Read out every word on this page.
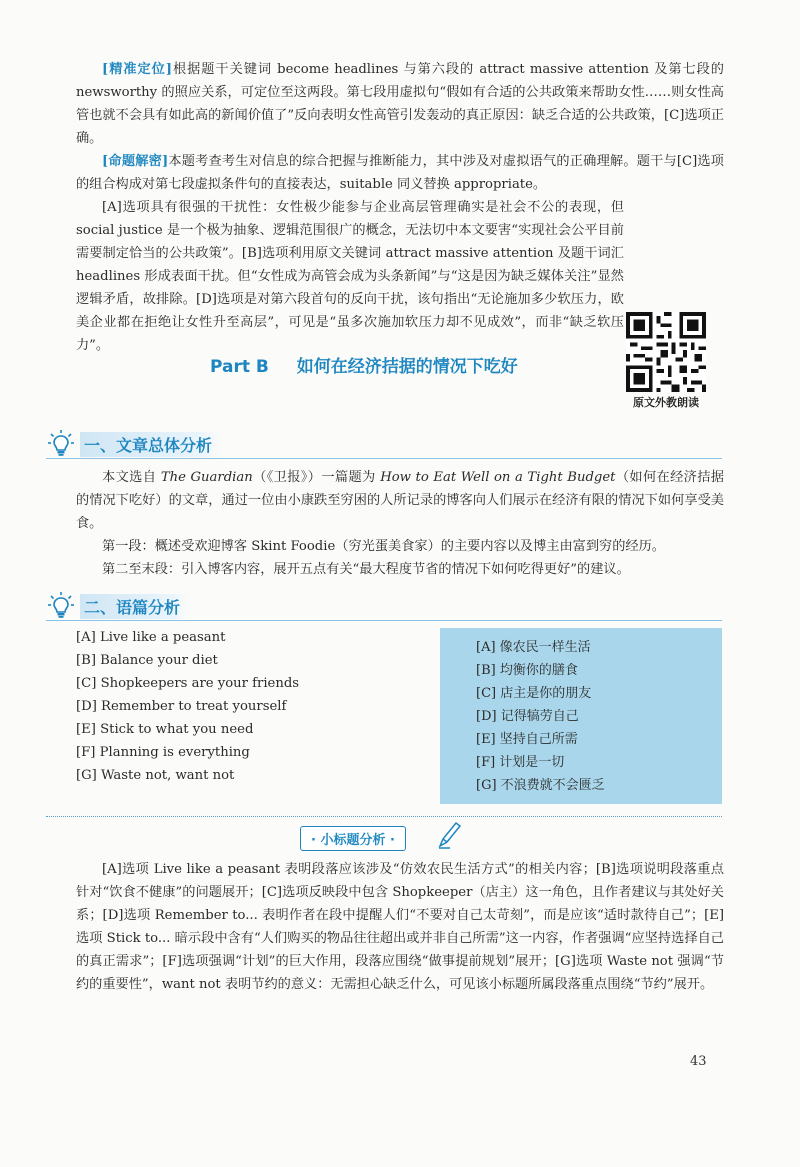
[精准定位]根据题干关键词 become headlines 与第六段的 attract massive attention 及第七段的 newsworthy 的照应关系，可定位至这两段。第七段用虚拟句“假如有合适的公共政策来帮助女性……则女性高管也就不会具有如此高的新闻价值了”反向表明女性高管引发轰动的真正原因：缺乏合适的公共政策，[C]选项正确。

[命题解密]本题考查考生对信息的综合把握与推断能力，其中涉及对虚拟语气的正确理解。题干与[C]选项的组合构成对第七段虚拟条件句的直接表达，suitable 同义替换 appropriate。

[A]选项具有很强的干扰性：女性极少能参与企业高层管理确实是社会不公的表现，但 social justice 是一个极为抽象、逻辑范围很广的概念，无法切中本文要害“实现社会公平目前需要制定恰当的公共政策”。[B]选项利用原文关键词 attract massive attention 及题干词汇 headlines 形成表面干扰。但“女性成为高管会成为头条新闻”与“这是因为缺乏媒体关注”显然逻辑矛盾，故排除。[D]选项是对第六段首句的反向干扰，该句指出“无论施加多少软压力，欧美企业都在拒绝让女性升至高层”，可见是“虽多次施加软压力却不见成效”，而非“缺乏软压力”。

原文外教朗读
Part B 如何在经济拮据的情况下吃好
一、文章总体分析

本文选自 The Guardian（《卫报》）一篇题为 How to Eat Well on a Tight Budget（如何在经济拮据的情况下吃好）的文章，通过一位由小康跌至穷困的人所记录的博客向人们展示在经济有限的情况下如何享受美食。

第一段：概述受欢迎博客 Skint Foodie（穷光蛋美食家）的主要内容以及博主由富到穷的经历。

第二至末段：引入博客内容，展开五点有关“最大程度节省的情况下如何吃得更好”的建议。

二、语篇分析
[A] Live like a peasant
[B] Balance your diet
[C] Shopkeepers are your friends
[D] Remember to treat yourself
[E] Stick to what you need
[F] Planning is everything
[G] Waste not, want not
[A] 像农民一样生活
[B] 均衡你的膳食
[C] 店主是你的朋友
[D] 记得犒劳自己
[E] 坚持自己所需
[F] 计划是一切
[G] 不浪费就不会匮乏
· 小标题分析 ·

[A]选项 Live like a peasant 表明段落应该涉及“仿效农民生活方式”的相关内容；[B]选项说明段落重点针对“饮食不健康”的问题展开；[C]选项反映段中包含 Shopkeeper（店主）这一角色，且作者建议与其处好关系；[D]选项 Remember to... 表明作者在段中提醒人们“不要对自己太苛刻”，而是应该“适时款待自己”；[E]选项 Stick to... 暗示段中含有“人们购买的物品往往超出或并非自己所需”这一内容，作者强调“应坚持选择自己的真正需求”；[F]选项强调“计划”的巨大作用，段落应围绕“做事提前规划”展开；[G]选项 Waste not 强调“节约的重要性”，want not 表明节约的意义：无需担心缺乏什么，可见该小标题所属段落重点围绕“节约”展开。

43
